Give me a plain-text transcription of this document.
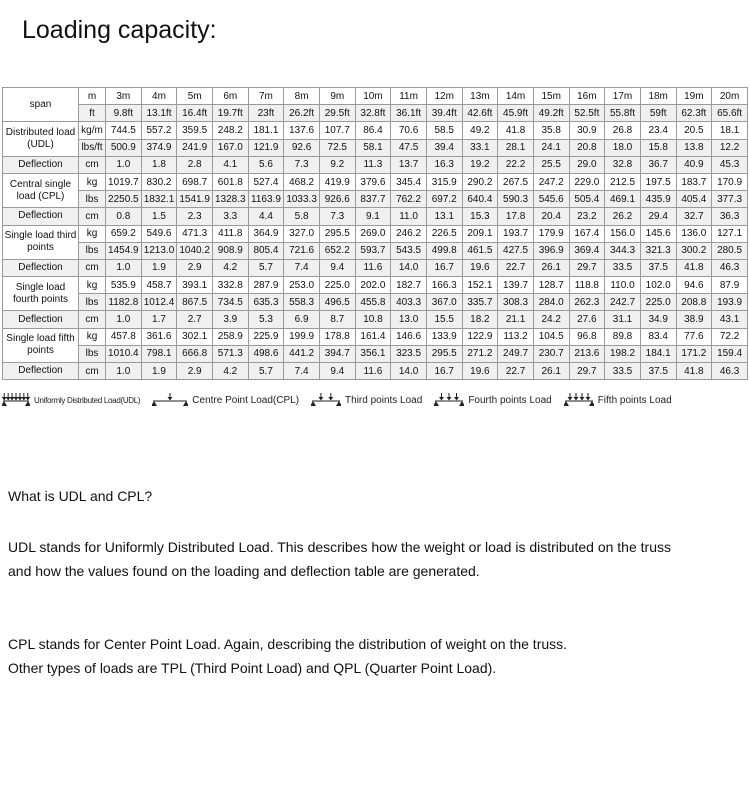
Loading capacity:
span	m	3m	4m	5m	6m	7m	8m	9m	10m	11m	12m	13m	14m	15m	16m	17m	18m	19m	20m
	ft	9.8ft	13.1ft	16.4ft	19.7ft	23ft	26.2ft	29.5ft	32.8ft	36.1ft	39.4ft	42.6ft	45.9ft	49.2ft	52.5ft	55.8ft	59ft	62.3ft	65.6ft
Distributed load (UDL)	kg/m	744.5	557.2	359.5	248.2	181.1	137.6	107.7	86.4	70.6	58.5	49.2	41.8	35.8	30.9	26.8	23.4	20.5	18.1
	lbs/ft	500.9	374.9	241.9	167.0	121.9	92.6	72.5	58.1	47.5	39.4	33.1	28.1	24.1	20.8	18.0	15.8	13.8	12.2
Deflection	cm	1.0	1.8	2.8	4.1	5.6	7.3	9.2	11.3	13.7	16.3	19.2	22.2	25.5	29.0	32.8	36.7	40.9	45.3
Central single load (CPL)	kg	1019.7	830.2	698.7	601.8	527.4	468.2	419.9	379.6	345.4	315.9	290.2	267.5	247.2	229.0	212.5	197.5	183.7	170.9
	lbs	2250.5	1832.1	1541.9	1328.3	1163.9	1033.3	926.6	837.7	762.2	697.2	640.4	590.3	545.6	505.4	469.1	435.9	405.4	377.3
Deflection	cm	0.8	1.5	2.3	3.3	4.4	5.8	7.3	9.1	11.0	13.1	15.3	17.8	20.4	23.2	26.2	29.4	32.7	36.3
Single load third points	kg	659.2	549.6	471.3	411.8	364.9	327.0	295.5	269.0	246.2	226.5	209.1	193.7	179.9	167.4	156.0	145.6	136.0	127.1
	lbs	1454.9	1213.0	1040.2	908.9	805.4	721.6	652.2	593.7	543.5	499.8	461.5	427.5	396.9	369.4	344.3	321.3	300.2	280.5
Deflection	cm	1.0	1.9	2.9	4.2	5.7	7.4	9.4	11.6	14.0	16.7	19.6	22.7	26.1	29.7	33.5	37.5	41.8	46.3
Single load fourth points	kg	535.9	458.7	393.1	332.8	287.9	253.0	225.0	202.0	182.7	166.3	152.1	139.7	128.7	118.8	110.0	102.0	94.6	87.9
	lbs	1182.8	1012.4	867.5	734.5	635.3	558.3	496.5	455.8	403.3	367.0	335.7	308.3	284.0	262.3	242.7	225.0	208.8	193.9
Deflection	cm	1.0	1.7	2.7	3.9	5.3	6.9	8.7	10.8	13.0	15.5	18.2	21.1	24.2	27.6	31.1	34.9	38.9	43.1
Single load fifth points	kg	457.8	361.6	302.1	258.9	225.9	199.9	178.8	161.4	146.6	133.9	122.9	113.2	104.5	96.8	89.8	83.4	77.6	72.2
	lbs	1010.4	798.1	666.8	571.3	498.6	441.2	394.7	356.1	323.5	295.5	271.2	249.7	230.7	213.6	198.2	184.1	171.2	159.4
Deflection	cm	1.0	1.9	2.9	4.2	5.7	7.4	9.4	11.6	14.0	16.7	19.6	22.7	26.1	29.7	33.5	37.5	41.8	46.3
Uniformly Distributed Load(UDL)	Centre Point Load(CPL)	Third points Load	Fourth points Load	Fifth points Load
What is UDL and CPL?
UDL stands for Uniformly Distributed Load. This describes how the weight or load is distributed on the truss
and how the values found on the loading and deflection table are generated.
CPL stands for Center Point Load. Again, describing the distribution of weight on the truss.
Other types of loads are TPL (Third Point Load) and QPL (Quarter Point Load).
